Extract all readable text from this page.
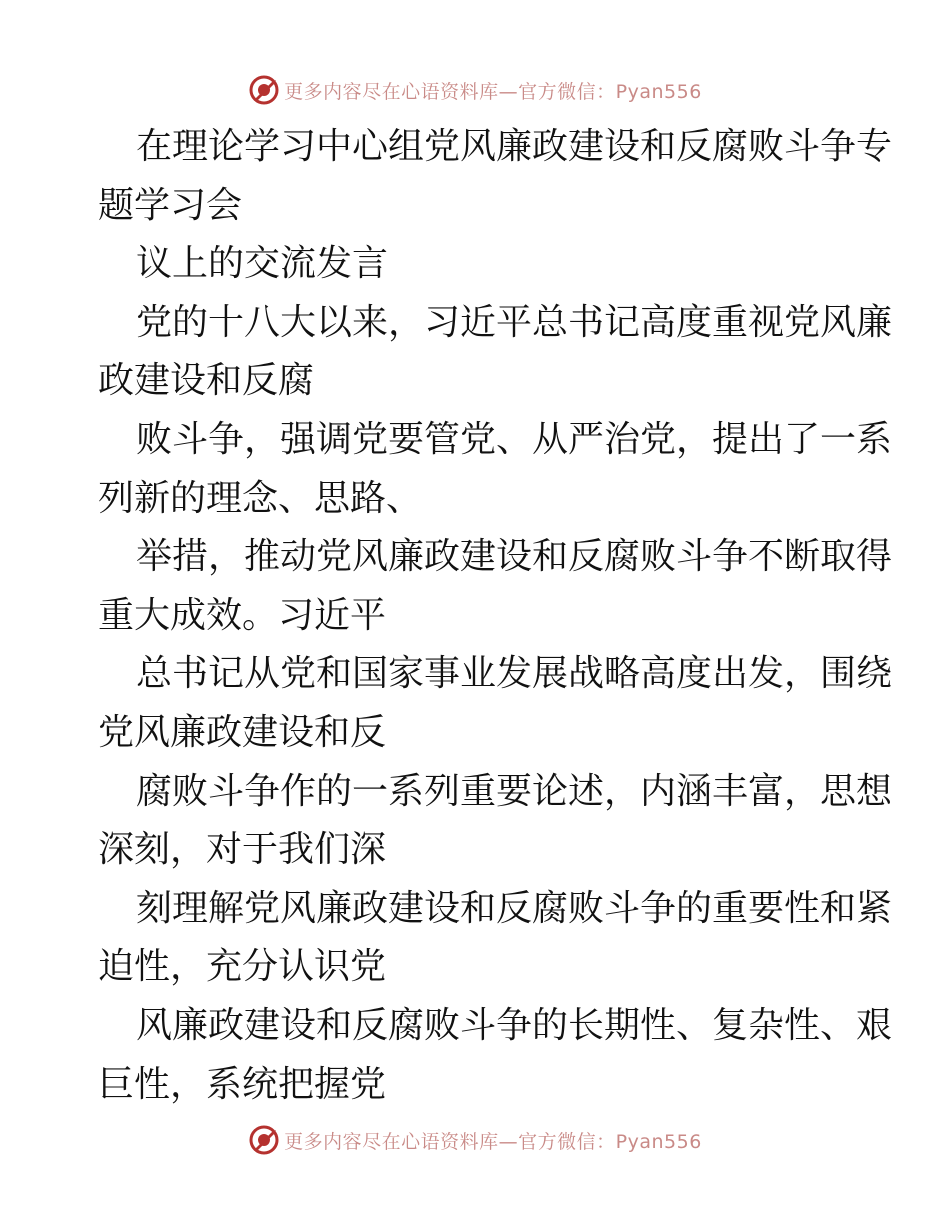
更多内容尽在心语资料库—官方微信：Pyan556
在理论学习中心组党风廉政建设和反腐败斗争专
题学习会
议上的交流发言
党的十八大以来，习近平总书记高度重视党风廉
政建设和反腐
败斗争，强调党要管党、从严治党，提出了一系
列新的理念、思路、
举措，推动党风廉政建设和反腐败斗争不断取得
重大成效。习近平
总书记从党和国家事业发展战略高度出发，围绕
党风廉政建设和反
腐败斗争作的一系列重要论述，内涵丰富，思想
深刻，对于我们深
刻理解党风廉政建设和反腐败斗争的重要性和紧
迫性，充分认识党
风廉政建设和反腐败斗争的长期性、复杂性、艰
巨性，系统把握党
更多内容尽在心语资料库—官方微信：Pyan556
